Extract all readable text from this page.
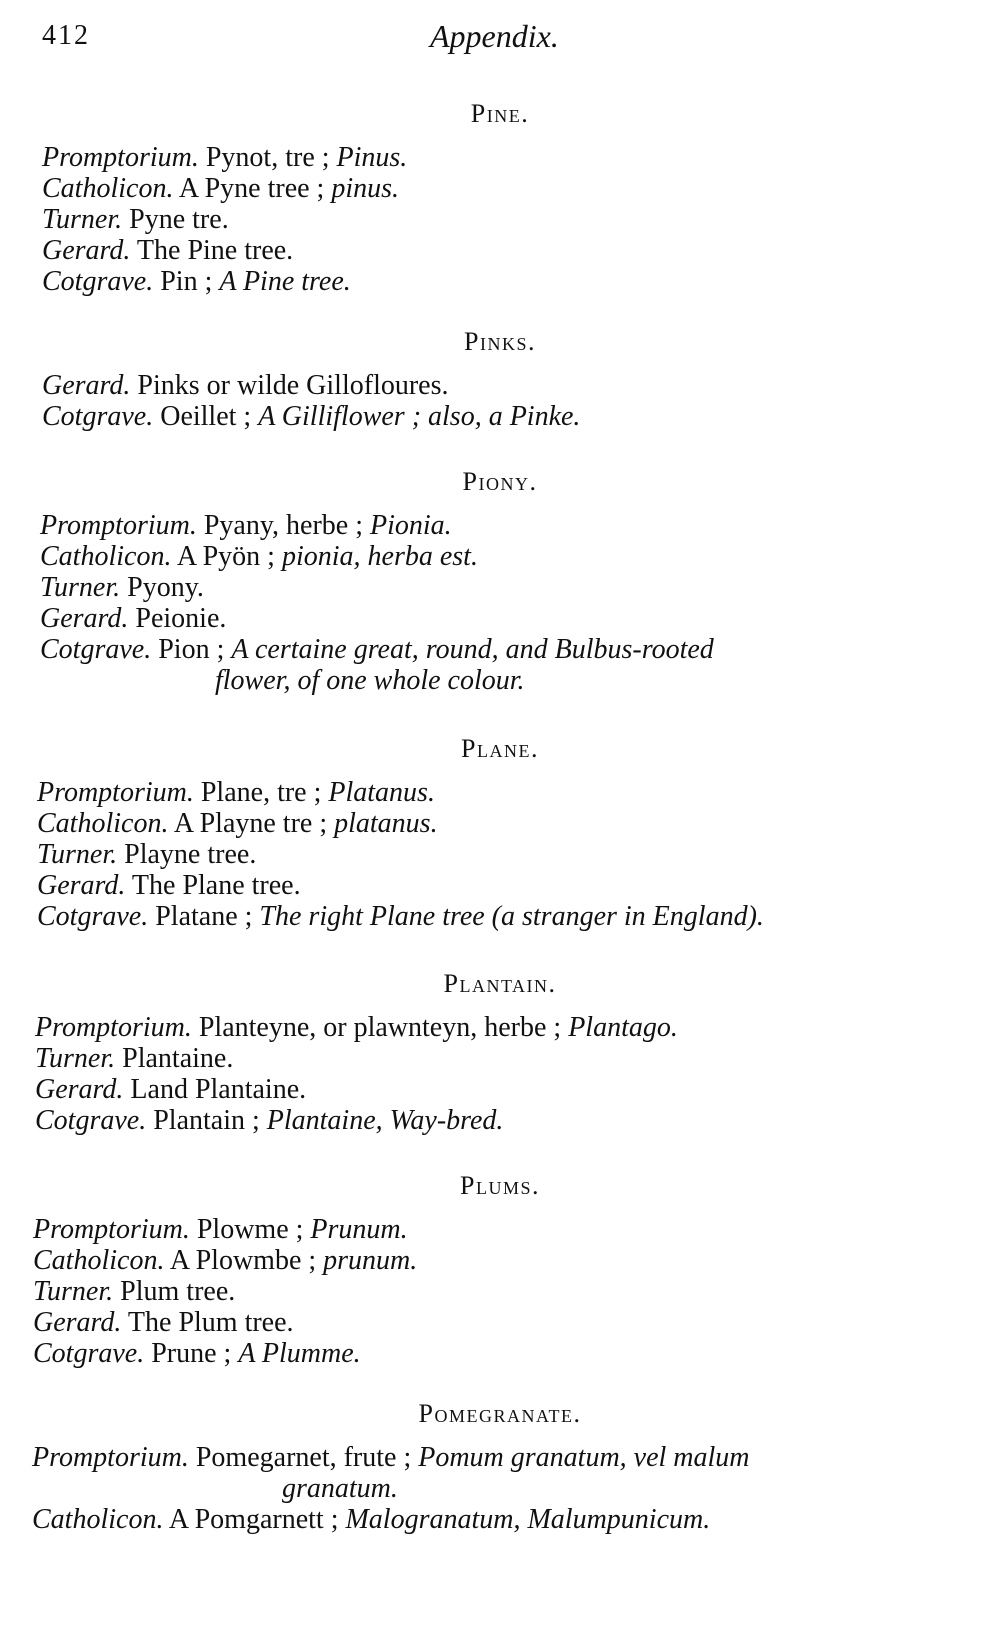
412	Appendix.
Pine.
Promptorium. Pynot, tre ; Pinus.
Catholicon. A Pyne tree ; pinus.
Turner. Pyne tre.
Gerard. The Pine tree.
Cotgrave. Pin ; A Pine tree.
Pinks.
Gerard. Pinks or wilde Gillofloures.
Cotgrave. Oeillet ; A Gilliflower ; also, a Pinke.
Piony.
Promptorium. Pyany, herbe ; Pionia.
Catholicon. A Pyön ; pionia, herba est.
Turner. Pyony.
Gerard. Peionie.
Cotgrave. Pion ; A certaine great, round, and Bulbus-rooted
flower, of one whole colour.
Plane.
Promptorium. Plane, tre ; Platanus.
Catholicon. A Playne tre ; platanus.
Turner. Playne tree.
Gerard. The Plane tree.
Cotgrave. Platane ; The right Plane tree (a stranger in England).
Plantain.
Promptorium. Planteyne, or plawnteyn, herbe ; Plantago.
Turner. Plantaine.
Gerard. Land Plantaine.
Cotgrave. Plantain ; Plantaine, Way-bred.
Plums.
Promptorium. Plowme ; Prunum.
Catholicon. A Plowmbe ; prunum.
Turner. Plum tree.
Gerard. The Plum tree.
Cotgrave. Prune ; A Plumme.
Pomegranate.
Promptorium. Pomegarnet, frute ; Pomum granatum, vel malum
granatum.
Catholicon. A Pomgarnett ; Malogranatum, Malumpunicum.
